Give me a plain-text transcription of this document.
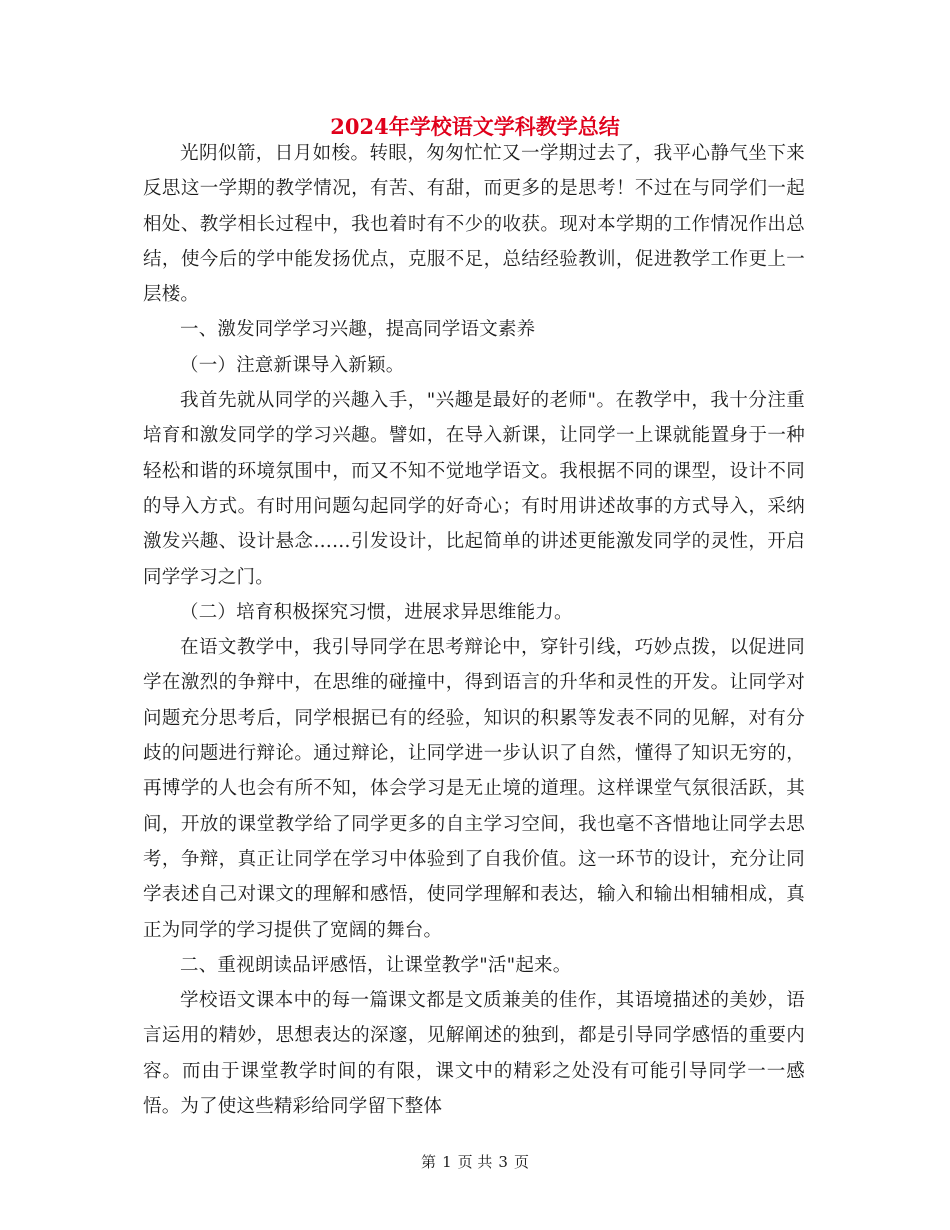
2024年学校语文学科教学总结

光阴似箭，日月如梭。转眼，匆匆忙忙又一学期过去了，我平心静气坐下来反思这一学期的教学情况，有苦、有甜，而更多的是思考！不过在与同学们一起相处、教学相长过程中，我也着时有不少的收获。现对本学期的工作情况作出总结，使今后的学中能发扬优点，克服不足，总结经验教训，促进教学工作更上一层楼。

一、激发同学学习兴趣，提高同学语文素养

（一）注意新课导入新颖。

我首先就从同学的兴趣入手，"兴趣是最好的老师"。在教学中，我十分注重培育和激发同学的学习兴趣。譬如，在导入新课，让同学一上课就能置身于一种轻松和谐的环境氛围中，而又不知不觉地学语文。我根据不同的课型，设计不同的导入方式。有时用问题勾起同学的好奇心；有时用讲述故事的方式导入，采纳激发兴趣、设计悬念……引发设计，比起简单的讲述更能激发同学的灵性，开启同学学习之门。

（二）培育积极探究习惯，进展求异思维能力。

在语文教学中，我引导同学在思考辩论中，穿针引线，巧妙点拨，以促进同学在激烈的争辩中，在思维的碰撞中，得到语言的升华和灵性的开发。让同学对问题充分思考后，同学根据已有的经验，知识的积累等发表不同的见解，对有分歧的问题进行辩论。通过辩论，让同学进一步认识了自然，懂得了知识无穷的，再博学的人也会有所不知，体会学习是无止境的道理。这样课堂气氛很活跃，其间，开放的课堂教学给了同学更多的自主学习空间，我也毫不吝惜地让同学去思考，争辩，真正让同学在学习中体验到了自我价值。这一环节的设计，充分让同学表述自己对课文的理解和感悟，使同学理解和表达，输入和输出相辅相成，真正为同学的学习提供了宽阔的舞台。

二、重视朗读品评感悟，让课堂教学"活"起来。

学校语文课本中的每一篇课文都是文质兼美的佳作，其语境描述的美妙，语言运用的精妙，思想表达的深邃，见解阐述的独到，都是引导同学感悟的重要内容。而由于课堂教学时间的有限，课文中的精彩之处没有可能引导同学一一感悟。为了使这些精彩给同学留下整体

第 1 页 共 3 页
